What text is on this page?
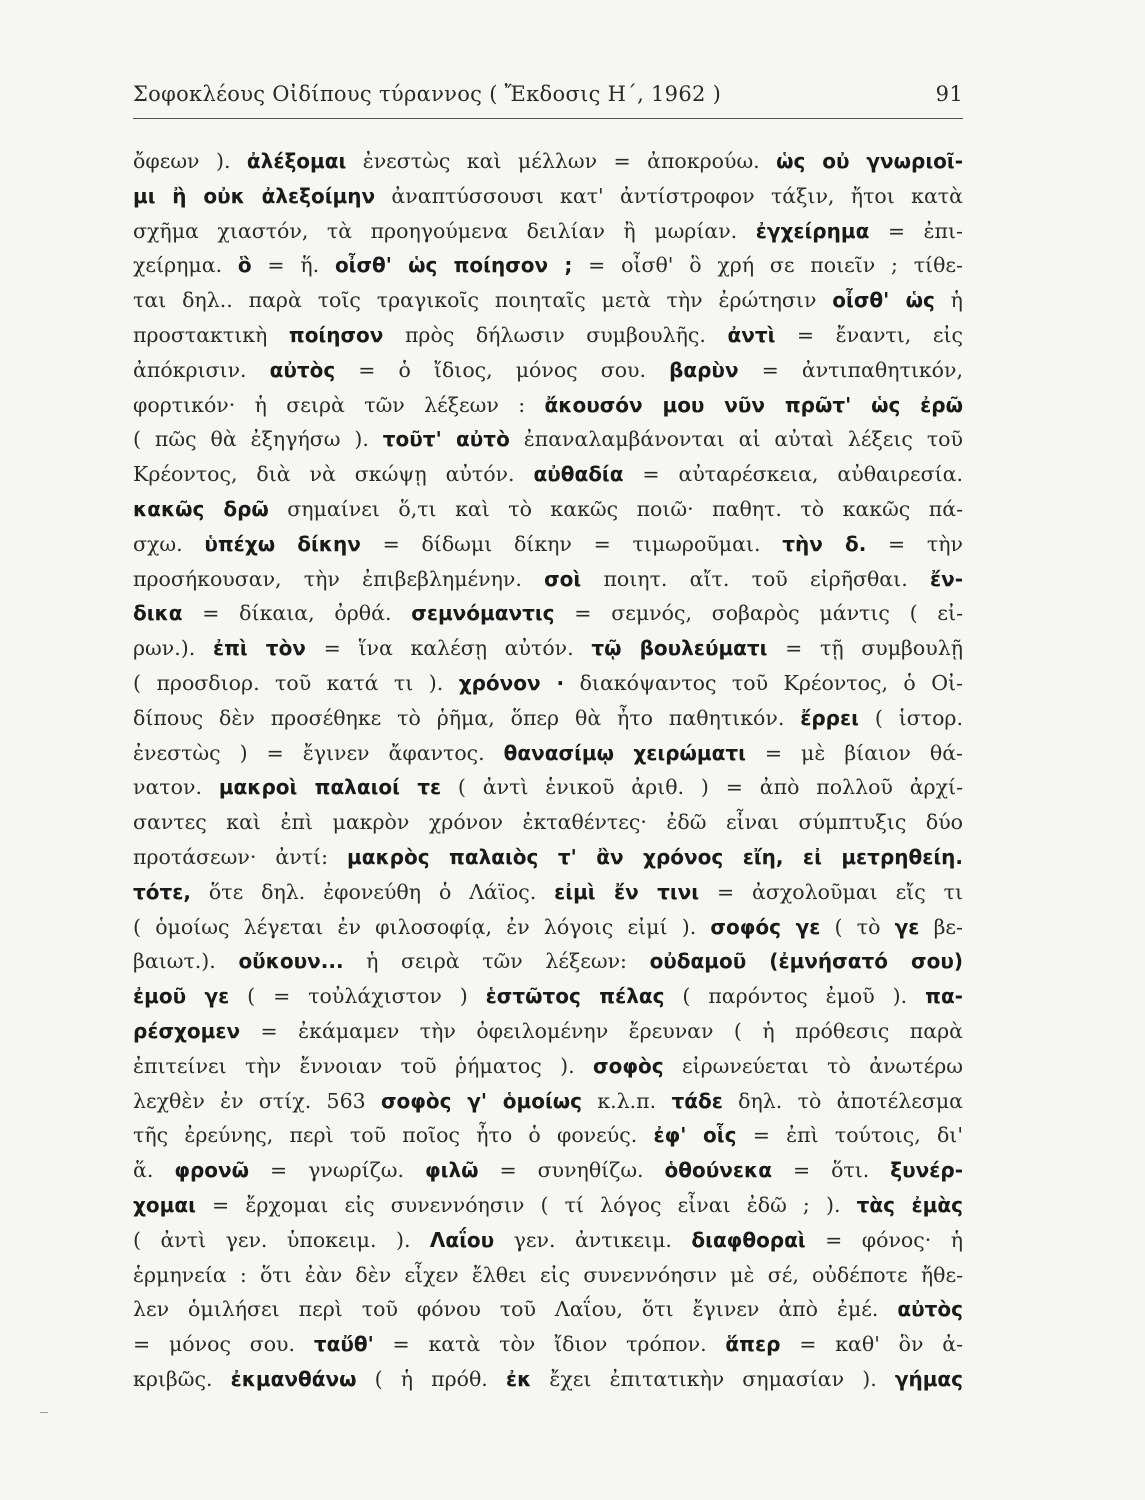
Σοφοκλέους Οἰδίπους τύραννος ( Ἔκδοσις Η΄, 1962 )	91
ὄφεων ). ἀλέξομαι ἐνεστὼς καὶ μέλλων = ἀποκρούω. ὡς οὐ γνωριοῖ-
μι ἢ οὐκ ἀλεξοίμην ἀναπτύσσουσι κατ' ἀντίστροφον τάξιν, ἤτοι κατὰ
σχῆμα χιαστόν, τὰ προηγούμενα δειλίαν ἢ μωρίαν. ἐγχείρημα = ἐπι-
χείρημα. ὃ = ἥ. οἶσθ' ὡς ποίησον ; = οἶσθ' ὃ χρή σε ποιεῖν ; τίθε-
ται δηλ.. παρὰ τοῖς τραγικοῖς ποιηταῖς μετὰ τὴν ἐρώτησιν οἶσθ' ὡς ἡ
προστακτικὴ ποίησον πρὸς δήλωσιν συμβουλῆς. ἀντὶ = ἔναντι, εἰς
ἀπόκρισιν. αὐτὸς = ὁ ἴδιος, μόνος σου. βαρὺν = ἀντιπαθητικόν,
φορτικόν· ἡ σειρὰ τῶν λέξεων : ἄκουσόν μου νῦν πρῶτ' ὡς ἐρῶ
( πῶς θὰ ἐξηγήσω ). τοῦτ' αὐτὸ ἐπαναλαμβάνονται αἱ αὐταὶ λέξεις τοῦ
Κρέοντος, διὰ νὰ σκώψῃ αὐτόν. αὐθαδία = αὐταρέσκεια, αὐθαιρεσία.
κακῶς δρῶ σημαίνει ὅ,τι καὶ τὸ κακῶς ποιῶ· παθητ. τὸ κακῶς πά-
σχω. ὑπέχω δίκην = δίδωμι δίκην = τιμωροῦμαι. τὴν δ. = τὴν
προσήκουσαν, τὴν ἐπιβεβλημένην. σοὶ ποιητ. αἴτ. τοῦ εἰρῆσθαι. ἔν-
δικα = δίκαια, ὀρθά. σεμνόμαντις = σεμνός, σοβαρὸς μάντις ( εἰ-
ρων.). ἐπὶ τὸν = ἵνα καλέσῃ αὐτόν. τῷ βουλεύματι = τῇ συμβουλῇ
( προσδιορ. τοῦ κατά τι ). χρόνον · διακόψαντος τοῦ Κρέοντος, ὁ Οἰ-
δίπους δὲν προσέθηκε τὸ ῥῆμα, ὅπερ θὰ ἦτο παθητικόν. ἔρρει ( ἱστορ.
ἐνεστὼς ) = ἔγινεν ἄφαντος. θανασίμῳ χειρώματι = μὲ βίαιον θά-
νατον. μακροὶ παλαιοί τε ( ἀντὶ ἑνικοῦ ἀριθ. ) = ἀπὸ πολλοῦ ἀρχί-
σαντες καὶ ἐπὶ μακρὸν χρόνον ἐκταθέντες· ἐδῶ εἶναι σύμπτυξις δύο
προτάσεων· ἀντί: μακρὸς παλαιὸς τ' ἂν χρόνος εἴη, εἰ μετρηθείη.
τότε, ὅτε δηλ. ἐφονεύθη ὁ Λάϊος. εἰμὶ ἔν τινι = ἀσχολοῦμαι εἴς τι
( ὁμοίως λέγεται ἐν φιλοσοφίᾳ, ἐν λόγοις εἰμί ). σοφός γε ( τὸ γε βε-
βαιωτ.). οὔκουν... ἡ σειρὰ τῶν λέξεων: οὐδαμοῦ (ἐμνήσατό σου)
ἐμοῦ γε ( = τοὐλάχιστον ) ἑστῶτος πέλας ( παρόντος ἐμοῦ ). πα-
ρέσχομεν = ἐκάμαμεν τὴν ὀφειλομένην ἔρευναν ( ἡ πρόθεσις παρὰ
ἐπιτείνει τὴν ἔννοιαν τοῦ ῥήματος ). σοφὸς εἰρωνεύεται τὸ ἀνωτέρω
λεχθὲν ἐν στίχ. 563 σοφὸς γ' ὁμοίως κ.λ.π. τάδε δηλ. τὸ ἀποτέλεσμα
τῆς ἐρεύνης, περὶ τοῦ ποῖος ἦτο ὁ φονεύς. ἐφ' οἷς = ἐπὶ τούτοις, δι'
ἅ. φρονῶ = γνωρίζω. φιλῶ = συνηθίζω. ὁθούνεκα = ὅτι. ξυνέρ-
χομαι = ἔρχομαι εἰς συνεννόησιν ( τί λόγος εἶναι ἐδῶ ; ). τὰς ἐμὰς
( ἀντὶ γεν. ὑποκειμ. ). Λαΐου γεν. ἀντικειμ. διαφθοραὶ = φόνος· ἡ
ἑρμηνεία : ὅτι ἐὰν δὲν εἶχεν ἔλθει εἰς συνεννόησιν μὲ σέ, οὐδέποτε ἤθε-
λεν ὁμιλήσει περὶ τοῦ φόνου τοῦ Λαΐου, ὅτι ἔγινεν ἀπὸ ἐμέ. αὐτὸς
= μόνος σου. ταὔθ' = κατὰ τὸν ἴδιον τρόπον. ἅπερ = καθ' ὃν ἀ-
κριβῶς. ἐκμανθάνω ( ἡ πρόθ. ἐκ ἔχει ἐπιτατικὴν σημασίαν ). γήμας
